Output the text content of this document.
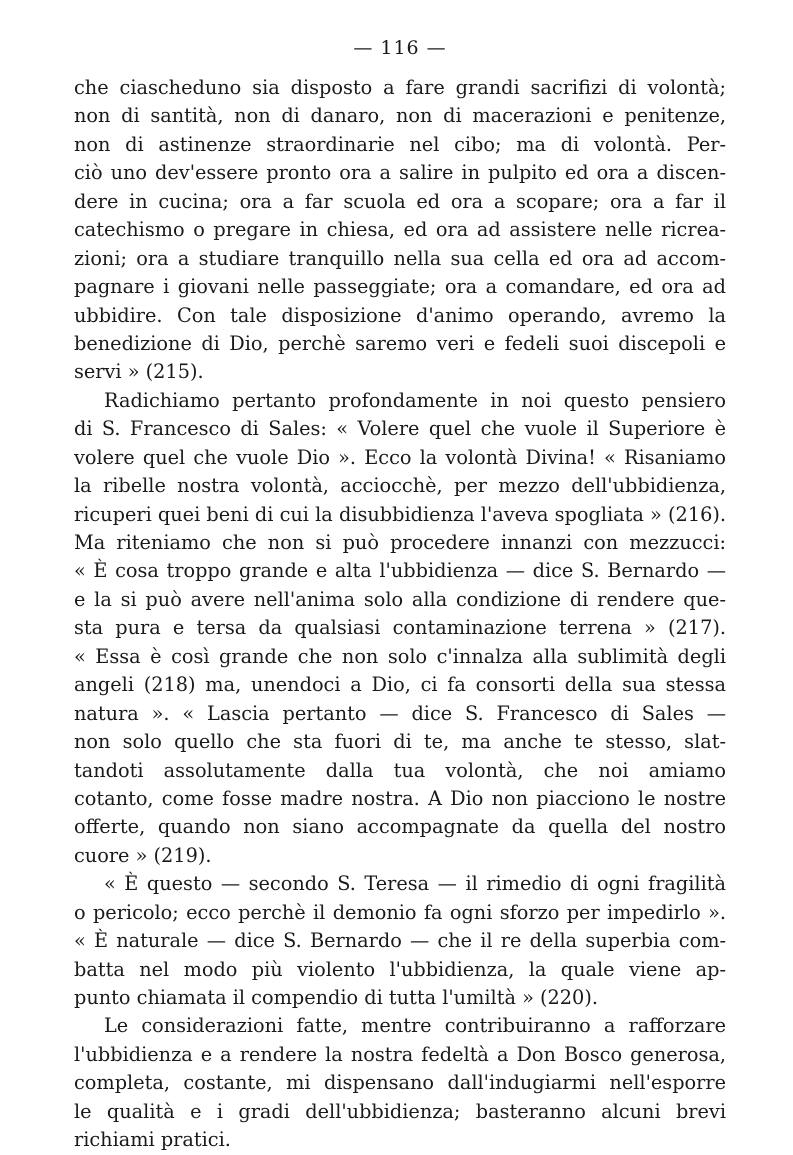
— 116 —
che ciascheduno sia disposto a fare grandi sacrifizi di volontà;
non di santità, non di danaro, non di macerazioni e penitenze,
non di astinenze straordinarie nel cibo; ma di volontà. Per-
ciò uno dev'essere pronto ora a salire in pulpito ed ora a discen-
dere in cucina; ora a far scuola ed ora a scopare; ora a far il
catechismo o pregare in chiesa, ed ora ad assistere nelle ricrea-
zioni; ora a studiare tranquillo nella sua cella ed ora ad accom-
pagnare i giovani nelle passeggiate; ora a comandare, ed ora ad
ubbidire. Con tale disposizione d'animo operando, avremo la
benedizione di Dio, perchè saremo veri e fedeli suoi discepoli e
servi » (215).
Radichiamo pertanto profondamente in noi questo pensiero
di S. Francesco di Sales: « Volere quel che vuole il Superiore è
volere quel che vuole Dio ». Ecco la volontà Divina! « Risaniamo
la ribelle nostra volontà, acciocchè, per mezzo dell'ubbidienza,
ricuperi quei beni di cui la disubbidienza l'aveva spogliata » (216).
Ma riteniamo che non si può procedere innanzi con mezzucci:
« È cosa troppo grande e alta l'ubbidienza — dice S. Bernardo —
e la si può avere nell'anima solo alla condizione di rendere que-
sta pura e tersa da qualsiasi contaminazione terrena » (217).
« Essa è così grande che non solo c'innalza alla sublimità degli
angeli (218) ma, unendoci a Dio, ci fa consorti della sua stessa
natura ». « Lascia pertanto — dice S. Francesco di Sales —
non solo quello che sta fuori di te, ma anche te stesso, slat-
tandoti assolutamente dalla tua volontà, che noi amiamo
cotanto, come fosse madre nostra. A Dio non piacciono le nostre
offerte, quando non siano accompagnate da quella del nostro
cuore » (219).
« È questo — secondo S. Teresa — il rimedio di ogni fragilità
o pericolo; ecco perchè il demonio fa ogni sforzo per impedirlo ».
« È naturale — dice S. Bernardo — che il re della superbia com-
batta nel modo più violento l'ubbidienza, la quale viene ap-
punto chiamata il compendio di tutta l'umiltà » (220).
Le considerazioni fatte, mentre contribuiranno a rafforzare
l'ubbidienza e a rendere la nostra fedeltà a Don Bosco generosa,
completa, costante, mi dispensano dall'indugiarmi nell'esporre
le qualità e i gradi dell'ubbidienza; basteranno alcuni brevi
richiami pratici.
